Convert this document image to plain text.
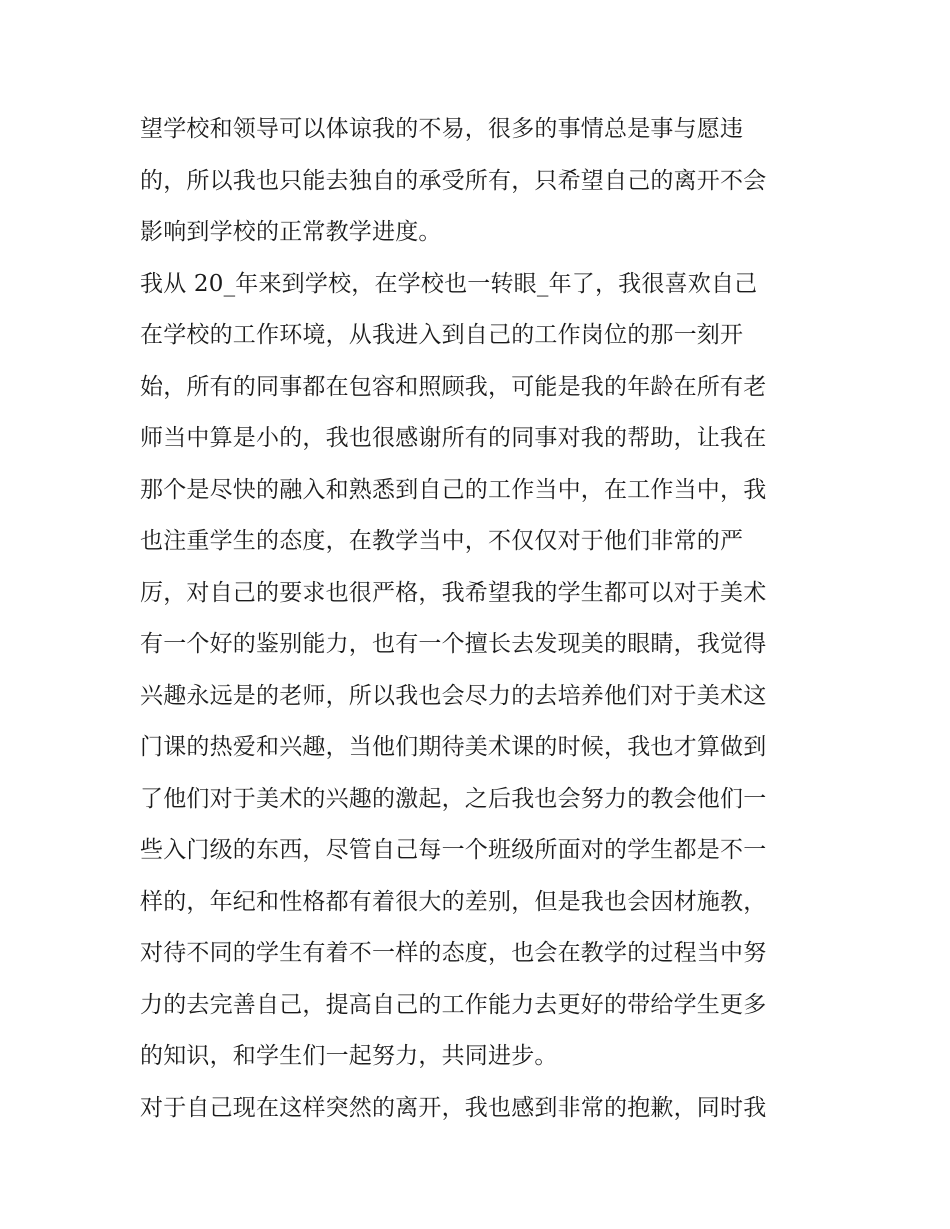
望学校和领导可以体谅我的不易，很多的事情总是事与愿违
的，所以我也只能去独自的承受所有，只希望自己的离开不会
影响到学校的正常教学进度。
我从 20_年来到学校，在学校也一转眼_年了，我很喜欢自己
在学校的工作环境，从我进入到自己的工作岗位的那一刻开
始，所有的同事都在包容和照顾我，可能是我的年龄在所有老
师当中算是小的，我也很感谢所有的同事对我的帮助，让我在
那个是尽快的融入和熟悉到自己的工作当中，在工作当中，我
也注重学生的态度，在教学当中，不仅仅对于他们非常的严
厉，对自己的要求也很严格，我希望我的学生都可以对于美术
有一个好的鉴别能力，也有一个擅长去发现美的眼睛，我觉得
兴趣永远是的老师，所以我也会尽力的去培养他们对于美术这
门课的热爱和兴趣，当他们期待美术课的时候，我也才算做到
了他们对于美术的兴趣的激起，之后我也会努力的教会他们一
些入门级的东西，尽管自己每一个班级所面对的学生都是不一
样的，年纪和性格都有着很大的差别，但是我也会因材施教，
对待不同的学生有着不一样的态度，也会在教学的过程当中努
力的去完善自己，提高自己的工作能力去更好的带给学生更多
的知识，和学生们一起努力，共同进步。
对于自己现在这样突然的离开，我也感到非常的抱歉，同时我
